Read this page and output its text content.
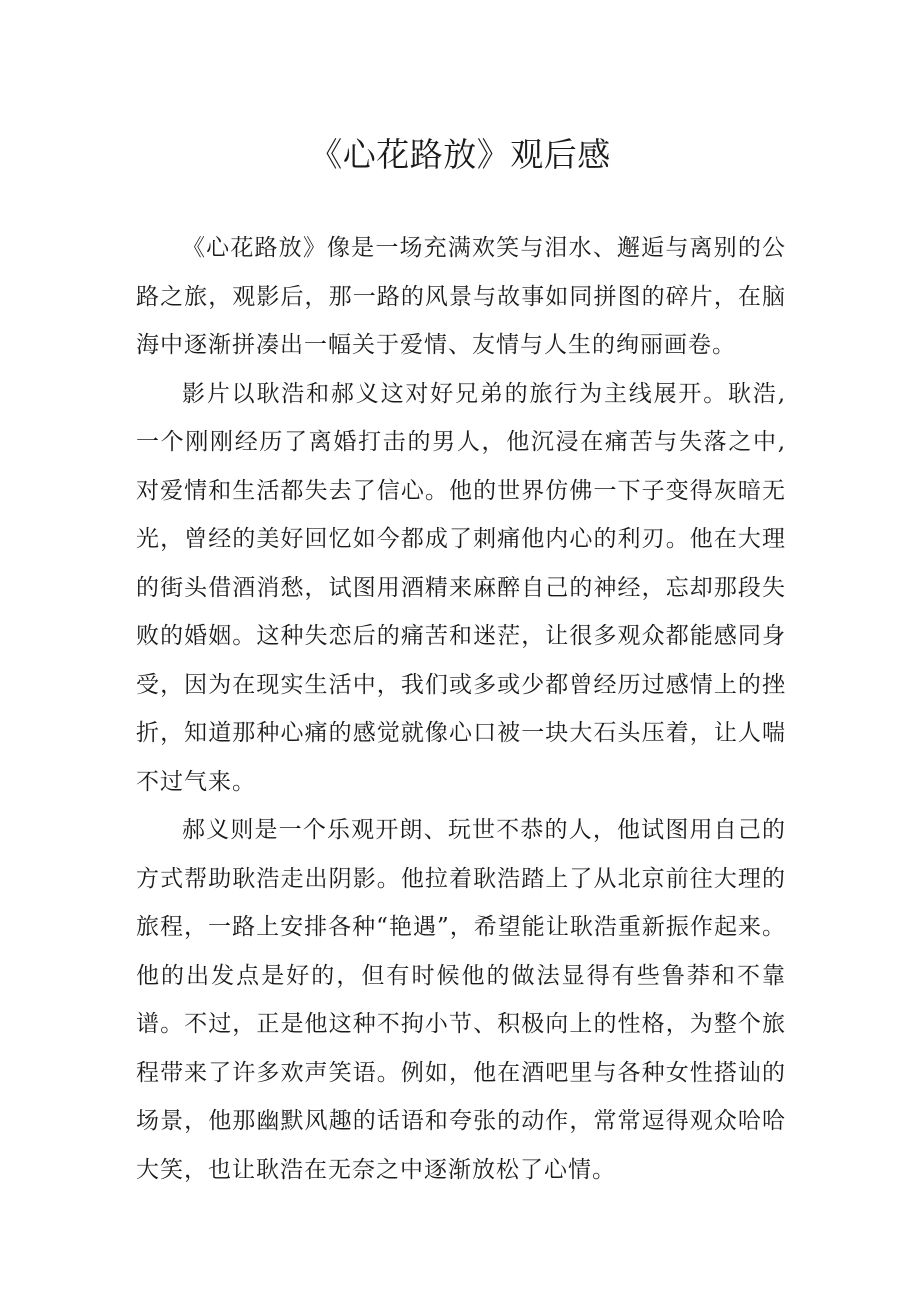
《心花路放》观后感

《心花路放》像是一场充满欢笑与泪水、邂逅与离别的公路之旅，观影后，那一路的风景与故事如同拼图的碎片，在脑海中逐渐拼凑出一幅关于爱情、友情与人生的绚丽画卷。

影片以耿浩和郝义这对好兄弟的旅行为主线展开。耿浩,一个刚刚经历了离婚打击的男人，他沉浸在痛苦与失落之中,对爱情和生活都失去了信心。他的世界仿佛一下子变得灰暗无光，曾经的美好回忆如今都成了刺痛他内心的利刃。他在大理的街头借酒消愁，试图用酒精来麻醉自己的神经，忘却那段失败的婚姻。这种失恋后的痛苦和迷茫，让很多观众都能感同身受，因为在现实生活中，我们或多或少都曾经历过感情上的挫折，知道那种心痛的感觉就像心口被一块大石头压着，让人喘不过气来。

郝义则是一个乐观开朗、玩世不恭的人，他试图用自己的方式帮助耿浩走出阴影。他拉着耿浩踏上了从北京前往大理的旅程，一路上安排各种“艳遇”，希望能让耿浩重新振作起来。他的出发点是好的，但有时候他的做法显得有些鲁莽和不靠谱。不过，正是他这种不拘小节、积极向上的性格，为整个旅程带来了许多欢声笑语。例如，他在酒吧里与各种女性搭讪的场景，他那幽默风趣的话语和夸张的动作，常常逗得观众哈哈大笑，也让耿浩在无奈之中逐渐放松了心情。
